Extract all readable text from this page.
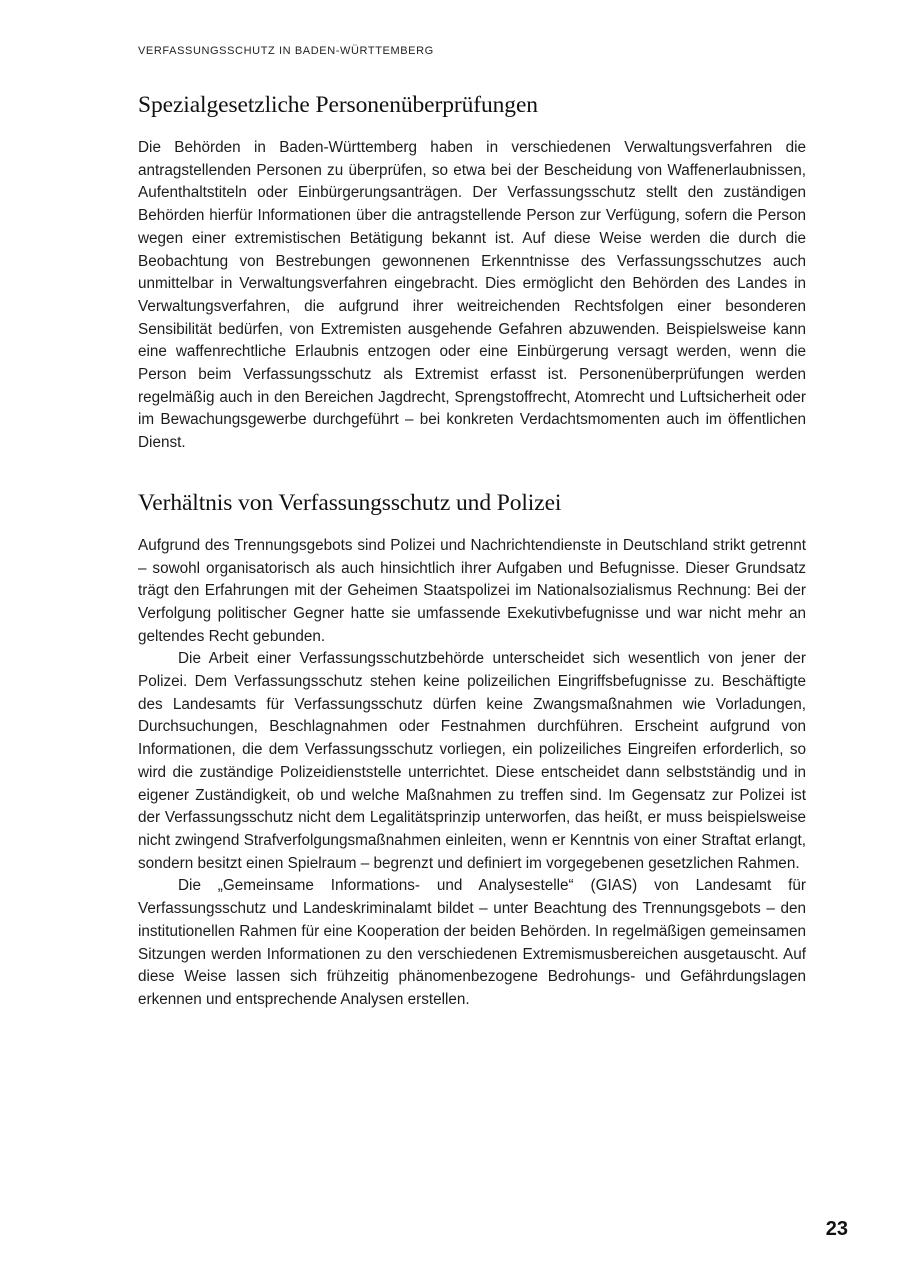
VERFASSUNGSSCHUTZ IN BADEN-WÜRTTEMBERG

Spezialgesetzliche Personenüberprüfungen

Die Behörden in Baden-Württemberg haben in verschiedenen Verwaltungsverfahren die antragstellenden Personen zu überprüfen, so etwa bei der Bescheidung von Waffenerlaubnissen, Aufenthaltstiteln oder Einbürgerungsanträgen. Der Verfassungsschutz stellt den zuständigen Behörden hierfür Informationen über die antragstellende Person zur Verfügung, sofern die Person wegen einer extremistischen Betätigung bekannt ist. Auf diese Weise werden die durch die Beobachtung von Bestrebungen gewonnenen Erkenntnisse des Verfassungsschutzes auch unmittelbar in Verwaltungsverfahren eingebracht. Dies ermöglicht den Behörden des Landes in Verwaltungsverfahren, die aufgrund ihrer weitreichenden Rechtsfolgen einer besonderen Sensibilität bedürfen, von Extremisten ausgehende Gefahren abzuwenden. Beispielsweise kann eine waffenrechtliche Erlaubnis entzogen oder eine Einbürgerung versagt werden, wenn die Person beim Verfassungsschutz als Extremist erfasst ist. Personenüberprüfungen werden regelmäßig auch in den Bereichen Jagdrecht, Sprengstoffrecht, Atomrecht und Luftsicherheit oder im Bewachungsgewerbe durchgeführt – bei konkreten Verdachtsmomenten auch im öffentlichen Dienst.

Verhältnis von Verfassungsschutz und Polizei

Aufgrund des Trennungsgebots sind Polizei und Nachrichtendienste in Deutschland strikt getrennt – sowohl organisatorisch als auch hinsichtlich ihrer Aufgaben und Befugnisse. Dieser Grundsatz trägt den Erfahrungen mit der Geheimen Staatspolizei im Nationalsozialismus Rechnung: Bei der Verfolgung politischer Gegner hatte sie umfassende Exekutivbefugnisse und war nicht mehr an geltendes Recht gebunden.

Die Arbeit einer Verfassungsschutzbehörde unterscheidet sich wesentlich von jener der Polizei. Dem Verfassungsschutz stehen keine polizeilichen Eingriffsbefugnisse zu. Beschäftigte des Landesamts für Verfassungsschutz dürfen keine Zwangsmaßnahmen wie Vorladungen, Durchsuchungen, Beschlagnahmen oder Festnahmen durchführen. Erscheint aufgrund von Informationen, die dem Verfassungsschutz vorliegen, ein polizeiliches Eingreifen erforderlich, so wird die zuständige Polizeidienststelle unterrichtet. Diese entscheidet dann selbstständig und in eigener Zuständigkeit, ob und welche Maßnahmen zu treffen sind. Im Gegensatz zur Polizei ist der Verfassungsschutz nicht dem Legalitätsprinzip unterworfen, das heißt, er muss beispielsweise nicht zwingend Strafverfolgungsmaßnahmen einleiten, wenn er Kenntnis von einer Straftat erlangt, sondern besitzt einen Spielraum – begrenzt und definiert im vorgegebenen gesetzlichen Rahmen.

Die „Gemeinsame Informations- und Analysestelle“ (GIAS) von Landesamt für Verfassungsschutz und Landeskriminalamt bildet – unter Beachtung des Trennungsgebots – den institutionellen Rahmen für eine Kooperation der beiden Behörden. In regelmäßigen gemeinsamen Sitzungen werden Informationen zu den verschiedenen Extremismusbereichen ausgetauscht. Auf diese Weise lassen sich frühzeitig phänomenbezogene Bedrohungs- und Gefährdungslagen erkennen und entsprechende Analysen erstellen.

23
